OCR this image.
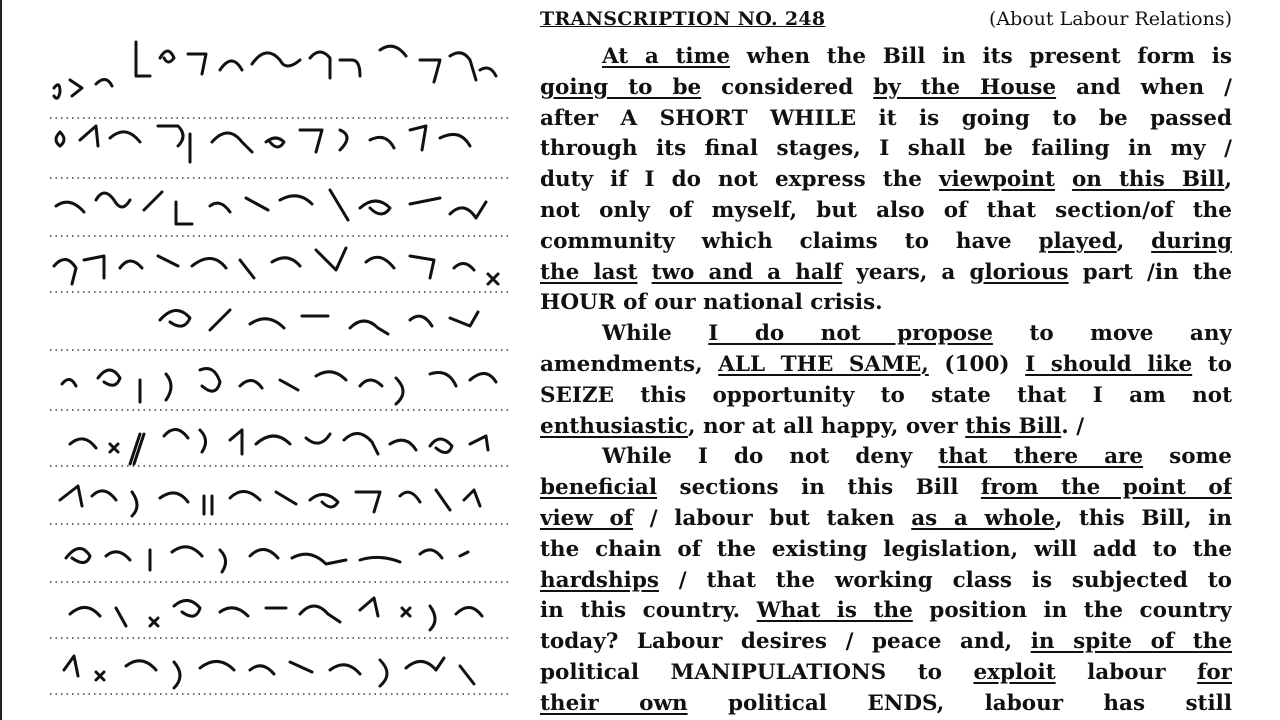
TRANSCRIPTION NO. 248	(About Labour Relations)
At a time when the Bill in its present form is
going to be considered by the House and when /
after A SHORT WHILE it is going to be passed
through its final stages, I shall be failing in my /
duty if I do not express the viewpoint on this Bill,
not only of myself, but also of that section/of the
community which claims to have played, during
the last two and a half years, a glorious part /in the
HOUR of our national crisis.
While I do not propose to move any
amendments, ALL THE SAME, (100) I should like to
SEIZE this opportunity to state that I am not
enthusiastic, nor at all happy, over this Bill. /
While I do not deny that there are some
beneficial sections in this Bill from the point of
view of / labour but taken as a whole, this Bill, in
the chain of the existing legislation, will add to the
hardships / that the working class is subjected to
in this country. What is the position in the country
today? Labour desires / peace and, in spite of the
political MANIPULATIONS to exploit labour for
their own political ENDS, labour has still
